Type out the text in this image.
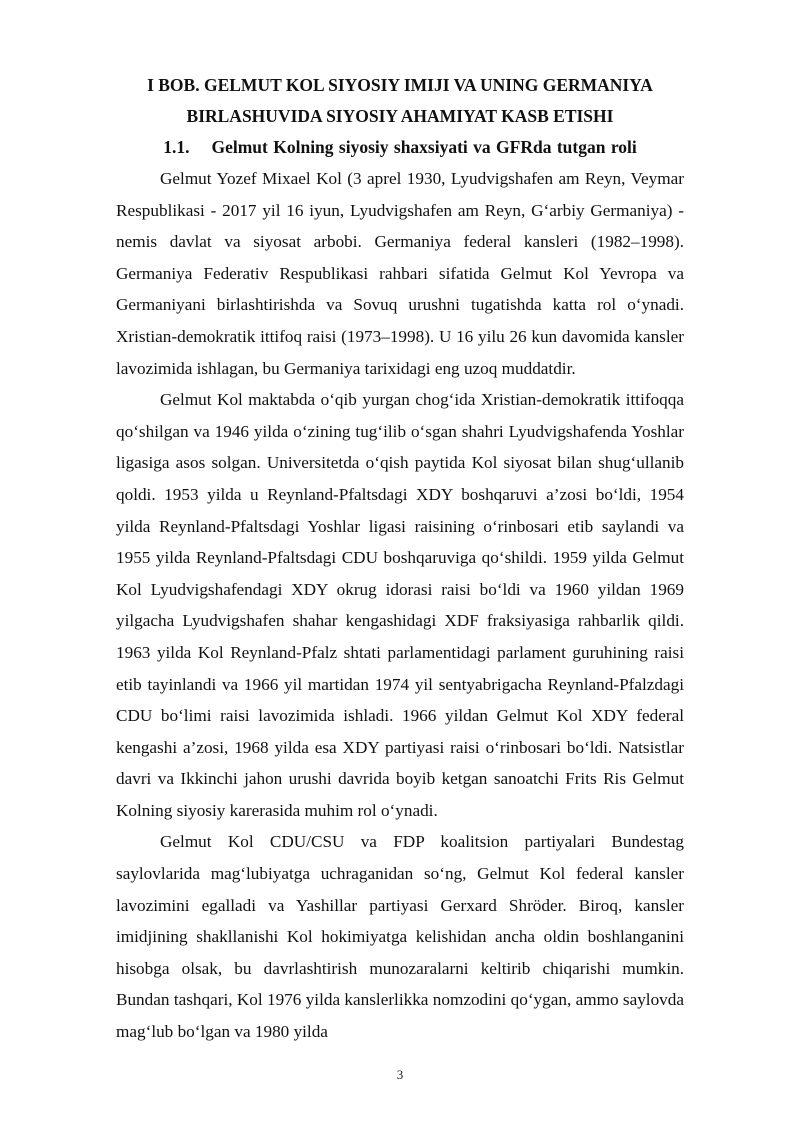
I BOB. GELMUT KOL SIYOSIY IMIJI VA UNING GERMANIYA
BIRLASHUVIDA SIYOSIY AHAMIYAT KASB ETISHI
1.1. Gelmut Kolning siyosiy shaxsiyati va GFRda tutgan roli

Gelmut Yozef Mixael Kol (3 aprel 1930, Lyudvigshafen am Reyn, Veymar Respublikasi - 2017 yil 16 iyun, Lyudvigshafen am Reyn, G‘arbiy Germaniya) - nemis davlat va siyosat arbobi. Germaniya federal kansleri (1982–1998). Germaniya Federativ Respublikasi rahbari sifatida Gelmut Kol Yevropa va Germaniyani birlashtirishda va Sovuq urushni tugatishda katta rol o‘ynadi. Xristian-demokratik ittifoq raisi (1973–1998). U 16 yilu 26 kun davomida kansler lavozimida ishlagan, bu Germaniya tarixidagi eng uzoq muddatdir.

Gelmut Kol maktabda o‘qib yurgan chog‘ida Xristian-demokratik ittifoqqa qo‘shilgan va 1946 yilda o‘zining tug‘ilib o‘sgan shahri Lyudvigshafenda Yoshlar ligasiga asos solgan. Universitetda o‘qish paytida Kol siyosat bilan shug‘ullanib qoldi. 1953 yilda u Reynland-Pfaltsdagi XDY boshqaruvi a’zosi bo‘ldi, 1954 yilda Reynland-Pfaltsdagi Yoshlar ligasi raisining o‘rinbosari etib saylandi va 1955 yilda Reynland-Pfaltsdagi CDU boshqaruviga qo‘shildi. 1959 yilda Gelmut Kol Lyudvigshafendagi XDY okrug idorasi raisi bo‘ldi va 1960 yildan 1969 yilgacha Lyudvigshafen shahar kengashidagi XDF fraksiyasiga rahbarlik qildi. 1963 yilda Kol Reynland-Pfalz shtati parlamentidagi parlament guruhining raisi etib tayinlandi va 1966 yil martidan 1974 yil sentyabrigacha Reynland-Pfalzdagi CDU bo‘limi raisi lavozimida ishladi. 1966 yildan Gelmut Kol XDY federal kengashi a’zosi, 1968 yilda esa XDY partiyasi raisi o‘rinbosari bo‘ldi. Natsistlar davri va Ikkinchi jahon urushi davrida boyib ketgan sanoatchi Frits Ris Gelmut Kolning siyosiy karerasida muhim rol o‘ynadi.

Gelmut Kol CDU/CSU va FDP koalitsion partiyalari Bundestag saylovlarida mag‘lubiyatga uchraganidan so‘ng, Gelmut Kol federal kansler lavozimini egalladi va Yashillar partiyasi Gerxard Shröder. Biroq, kansler imidjining shakllanishi Kol hokimiyatga kelishidan ancha oldin boshlanganini hisobga olsak, bu davrlashtirish munozaralarni keltirib chiqarishi mumkin. Bundan tashqari, Kol 1976 yilda kanslerlikka nomzodini qo‘ygan, ammo saylovda mag‘lub bo‘lgan va 1980 yilda

3
